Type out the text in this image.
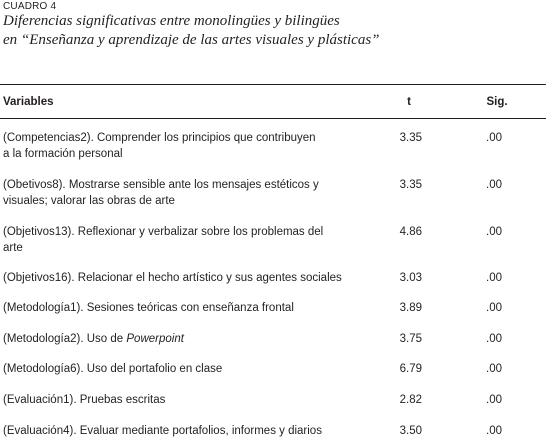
CUADRO 4
Diferencias significativas entre monolingües y bilingües
en “Enseñanza y aprendizaje de las artes visuales y plásticas”
Variables	t	Sig.
(Competencias2). Comprender los principios que contribuyen
a la formación personal
3.35	.00
(Obetivos8). Mostrarse sensible ante los mensajes estéticos y
visuales; valorar las obras de arte
3.35	.00
(Objetivos13). Reflexionar y verbalizar sobre los problemas del
arte
4.86	.00
(Objetivos16). Relacionar el hecho artístico y sus agentes sociales	3.03	.00
(Metodología1). Sesiones teóricas con enseñanza frontal	3.89	.00
(Metodología2). Uso de Powerpoint	3.75	.00
(Metodología6). Uso del portafolio en clase	6.79	.00
(Evaluación1). Pruebas escritas	2.82	.00
(Evaluación4). Evaluar mediante portafolios, informes y diarios	3.50	.00
